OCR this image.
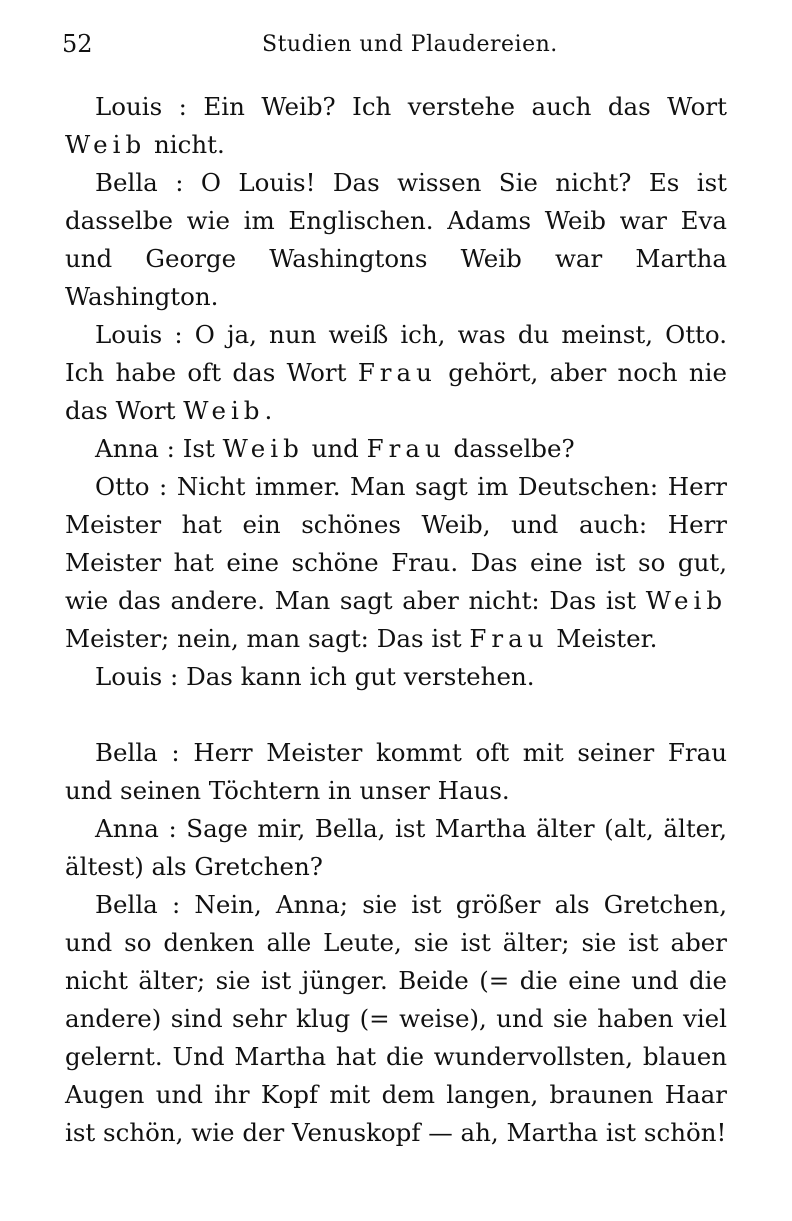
52	Studien und Plaudereien.

Louis : Ein Weib? Ich verstehe auch das Wort Weib nicht.

Bella : O Louis! Das wissen Sie nicht? Es ist dasselbe wie im Englischen. Adams Weib war Eva und George Washingtons Weib war Martha Washington.

Louis : O ja, nun weiß ich, was du meinst, Otto. Ich habe oft das Wort Frau gehört, aber noch nie das Wort Weib.

Anna : Ist Weib und Frau dasselbe?

Otto : Nicht immer. Man sagt im Deutschen: Herr Meister hat ein schönes Weib, und auch: Herr Meister hat eine schöne Frau. Das eine ist so gut, wie das andere. Man sagt aber nicht: Das ist Weib Meister; nein, man sagt: Das ist Frau Meister.

Louis : Das kann ich gut verstehen.

Bella : Herr Meister kommt oft mit seiner Frau und seinen Töchtern in unser Haus.

Anna : Sage mir, Bella, ist Martha älter (alt, älter, ältest) als Gretchen?

Bella : Nein, Anna; sie ist größer als Gretchen, und so denken alle Leute, sie ist älter; sie ist aber nicht älter; sie ist jünger. Beide (= die eine und die andere) sind sehr klug (= weise), und sie haben viel gelernt. Und Martha hat die wundervollsten, blauen Augen und ihr Kopf mit dem langen, braunen Haar ist schön, wie der Venuskopf — ah, Martha ist schön!
